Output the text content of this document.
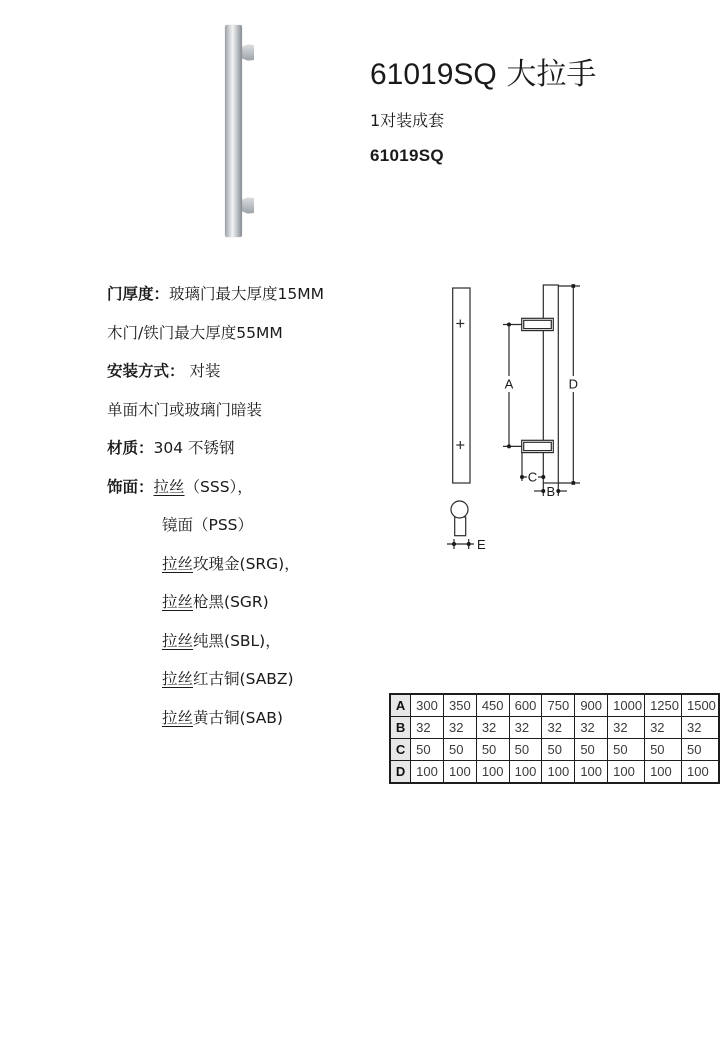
61019SQ 大拉手
1对装成套
61019SQ
门厚度：玻璃门最大厚度15MM
木门/铁门最大厚度55MM
安装方式： 对装
单面木门或玻璃门暗装
材质：304 不锈钢
饰面：拉丝（SSS），
镜面（PSS）
拉丝玫瑰金(SRG)，
拉丝枪黑(SGR)
拉丝纯黑(SBL)，
拉丝红古铜(SABZ)
拉丝黄古铜(SAB)
A	D
C
B
E
A	300	350	450	600	750	900	1000	1250	1500
B	32	32	32	32	32	32	32	32	32
C	50	50	50	50	50	50	50	50	50
D	100	100	100	100	100	100	100	100	100
